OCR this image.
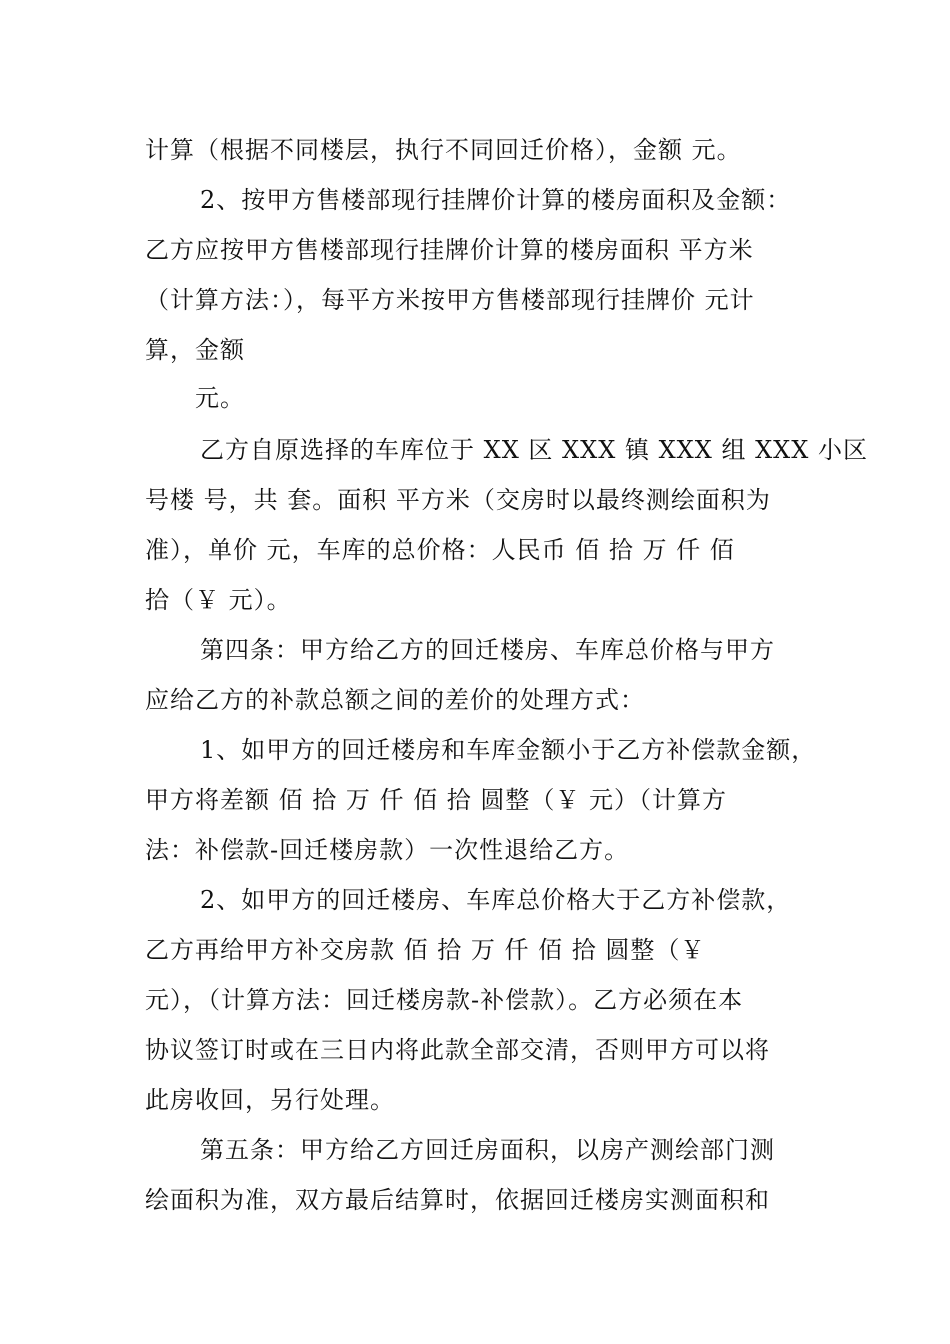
计算（根据不同楼层，执行不同回迁价格），金额 元。
2、按甲方售楼部现行挂牌价计算的楼房面积及金额：
乙方应按甲方售楼部现行挂牌价计算的楼房面积 平方米
（计算方法：），每平方米按甲方售楼部现行挂牌价 元计
算，金额
元。
乙方自原选择的车库位于 XX 区 XXX 镇 XXX 组 XXX 小区
号楼 号，共 套。面积 平方米（交房时以最终测绘面积为
准），单价 元，车库的总价格：人民币 佰 拾 万 仟 佰
拾（￥ 元）。
第四条：甲方给乙方的回迁楼房、车库总价格与甲方
应给乙方的补款总额之间的差价的处理方式：
1、如甲方的回迁楼房和车库金额小于乙方补偿款金额，
甲方将差额 佰 拾 万 仟 佰 拾 圆整（￥ 元）（计算方
法：补偿款-回迁楼房款）一次性退给乙方。
2、如甲方的回迁楼房、车库总价格大于乙方补偿款，
乙方再给甲方补交房款 佰 拾 万 仟 佰 拾 圆整（￥
元），（计算方法：回迁楼房款-补偿款）。乙方必须在本
协议签订时或在三日内将此款全部交清，否则甲方可以将
此房收回，另行处理。
第五条：甲方给乙方回迁房面积，以房产测绘部门测
绘面积为准，双方最后结算时，依据回迁楼房实测面积和
